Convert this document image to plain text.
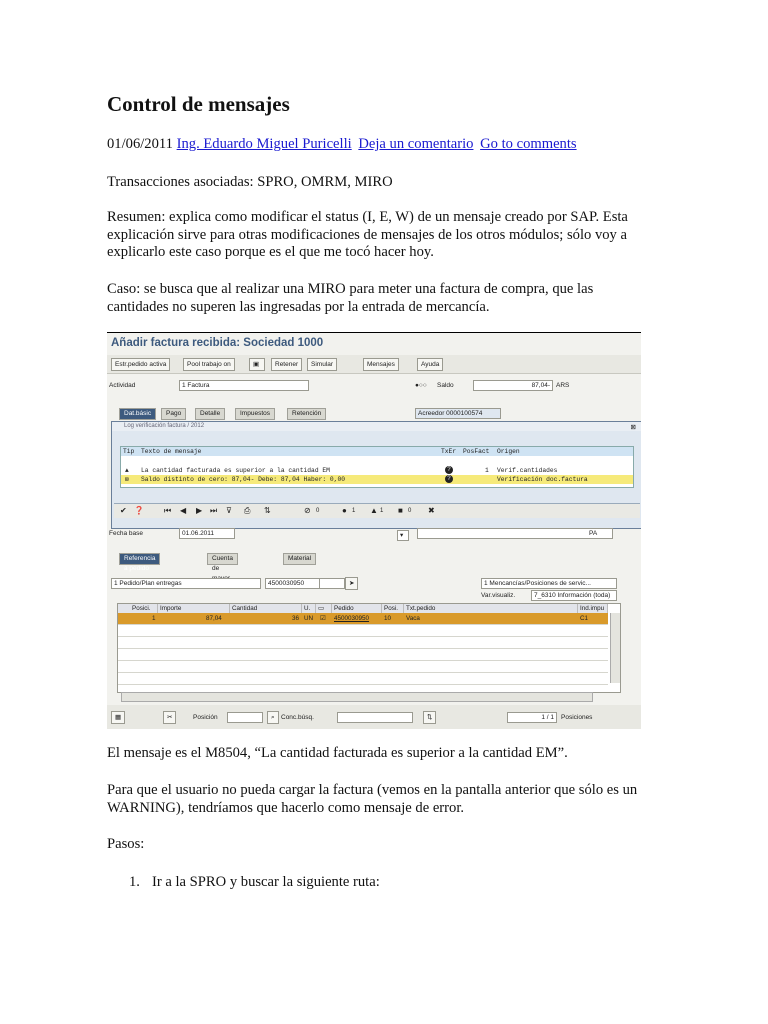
Control de mensajes

01/06/2011 Ing. Eduardo Miguel Puricelli Deja un comentario Go to comments

Transacciones asociadas: SPRO, OMRM, MIRO

Resumen: explica como modificar el status (I, E, W) de un mensaje creado por SAP. Esta explicación sirve para otras modificaciones de mensajes de los otros módulos; sólo voy a explicarlo este caso porque es el que me tocó hacer hoy.

Caso: se busca que al realizar una MIRO para meter una factura de compra, que las cantidades no superen las ingresadas por la entrada de mercancía.

Añadir factura recibida: Sociedad 1000
Estr.pedido activa	Pool trabajo on	▣	Retener	Simular	Mensajes	Ayuda
Actividad	1 Factura	●○○ Saldo	87,04- ARS
Dat.básic	Pago	Detalle	Impuestos	Retención	Acreedor 0000100574
Log verificación factura / 2012	⊠
Tip Texto de mensaje	TxEr PosFact Origen
▲ La cantidad facturada es superior a la cantidad EM	?	1 Verif.cantidades
⊠ Saldo distinto de cero: 87,04- Debe: 87,04 Haber: 0,00	?	Verificación doc.factura
✔ ❓	⏮ ◀ ▶ ⏭ ⊽ ⎙ ⇅	⊘ 0	● 1 ▲ 1 ■ 0 ✖
Fecha base	01.06.2011	▾	PA
Referencia a pedido
Cuenta de
Material
1 Pedido/Plan entregas	4500030950	➤	1 Mencancías/Posiciones de servic...
Var.visualiz.	7_6310 Información (toda)
Posici.	Importe	Cantidad	U.	▭	Pedido	Posi.	Txt.pedido	Ind.impu
1	87,04	36 UN ☑ 4500030950 10 Vaca	C1
▦	✂	Posición	⌕ Conc.búsq.	⇅	1 / 1	Posiciones

El mensaje es el M8504, “La cantidad facturada es superior a la cantidad EM”.

Para que el usuario no pueda cargar la factura (vemos en la pantalla anterior que sólo es un WARNING), tendríamos que hacerlo como mensaje de error.

Pasos:

1. Ir a la SPRO y buscar la siguiente ruta:
